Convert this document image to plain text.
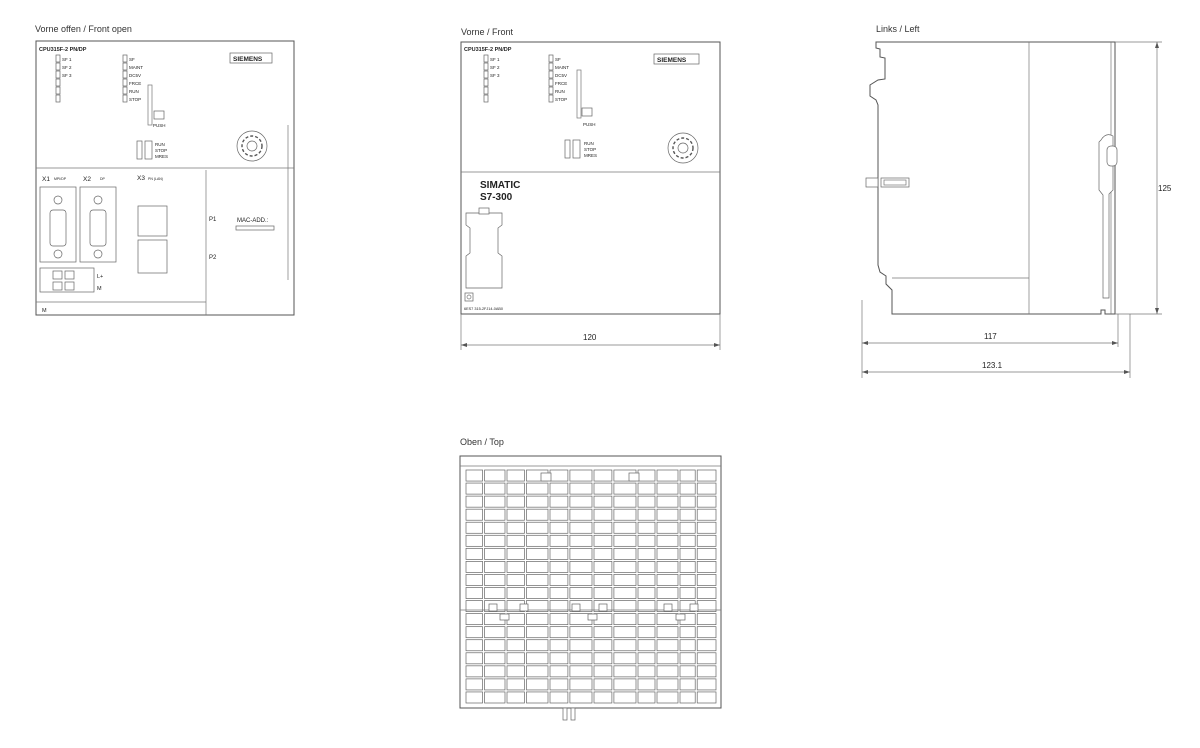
Vorne offen / Front open	Vorne / Front	Links / Left
Oben / Top
CPU315F-2 PN/DP
SIEMENS
SF 1
SF 2
SF 3
SF
MAINT
DC5V
FRCE
RUN
STOP
PUSH
RUN
STOP
MRES
X1 MPI/DP	X2	DP	X3 PN (LAN)
P1
P2
MAC-ADD.:
L+
M
M
CPU315F-2 PN/DP
SIEMENS
SF 1
SF 2
SF 3
SF
MAINT
DC5V
FRCE
RUN
STOP
PUSH
RUN
STOP
MRES
SIMATIC
S7-300
6ES7 315-2FJ14-0AB0
120
125
117
123.1
